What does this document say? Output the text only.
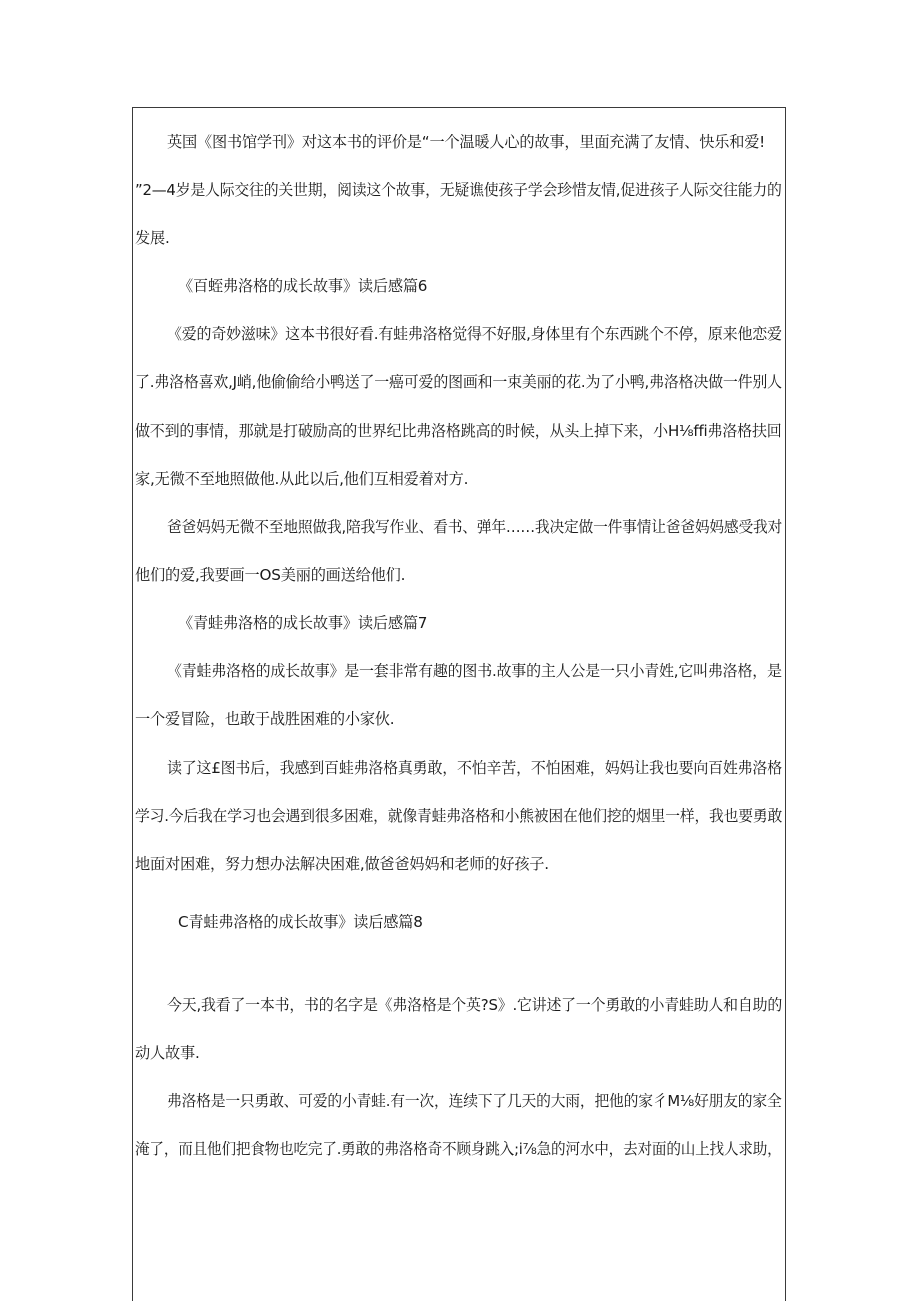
英国《图书馆学刊》对这本书的评价是“一个温暖人心的故事，里面充满了友情、快乐和爱!

”2—4岁是人际交往的关世期，阅读这个故事，无疑谯使孩子学会珍惜友情,促进孩子人际交往能力的

发展.

《百蛭弗洛格的成长故事》读后感篇6

《爱的奇妙滋味》这本书很好看.有蛙弗洛格觉得不好服,身体里有个东西跳个不停，原来他恋爱

了.弗洛格喜欢,J峭,他偷偷给小鸭送了一癌可爱的图画和一束美丽的花.为了小鸭,弗洛格决做一件别人

做不到的事情，那就是打破励高的世界纪比弗洛格跳高的时候，从头上掉下来，小H⅛ffi弗洛格扶回

家,无微不至地照做他.从此以后,他们互相爱着对方.

爸爸妈妈无微不至地照做我,陪我写作业、看书、弹年……我决定做一件事情让爸爸妈妈感受我对

他们的爱,我要画一OS美丽的画送给他们.

《青蛙弗洛格的成长故事》读后感篇7

《青蛙弗洛格的成长故事》是一套非常有趣的图书.故事的主人公是一只小青姓,它叫弗洛格，是

一个爱冒险，也敢于战胜困难的小家伙.

读了这£图书后，我感到百蛙弗洛格真勇敢，不怕辛苦，不怕困难，妈妈让我也要向百姓弗洛格

学习.今后我在学习也会遇到很多困难，就像青蛙弗洛格和小熊被困在他们挖的烟里一样，我也要勇敢

地面对困难，努力想办法解决困难,做爸爸妈妈和老师的好孩子.

C青蛙弗洛格的成长故事》读后感篇8

今天,我看了一本书，书的名字是《弗洛格是个英?S》.它讲述了一个勇敢的小青蛙助人和自助的

动人故事.

弗洛格是一只勇敢、可爱的小青蛙.有一次，连续下了几天的大雨，把他的家彳M⅛好朋友的家全

淹了，而且他们把食物也吃完了.勇敢的弗洛格奇不顾身跳入;i⅞急的河水中，去对面的山上找人求助，
